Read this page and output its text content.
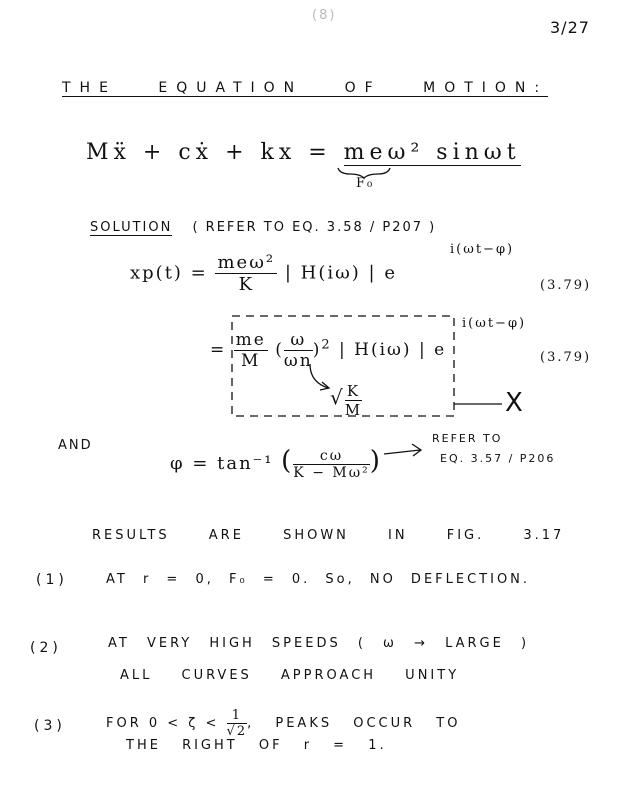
(8)
3/27
THE EQUATION OF MOTION:
Mẍ + cẋ + kx = meω² sinωt
F₀
SOLUTION ( REFER TO EQ. 3.58 / P207 )
$xp(t) = \frac{\text{meω²}}{K}$ | H(iω) | e
i(ωt−φ)
(3.79)
= $\frac{me}{M}$ ( $\frac{\omega}{\omega n} )^2$ | H(iω) | e
i(ωt−φ)
(3.79)
√ $\frac{K}{M}$	X
AND
φ = tan⁻¹ ( $\frac{c\omega}{\text{K − Mω²}}$ )
REFER TO
EQ. 3.57 / P206
RESULTS ARE SHOWN IN FIG. 3.17
(1)	AT r = 0, F₀ = 0. So, NO DEFLECTION.
(2)	AT VERY HIGH SPEEDS ( ω → LARGE )
ALL CURVES APPROACH UNITY
(3)	FOR $0 < \zeta < \frac{1}{√2}$ , PEAKS OCCUR TO
THE RIGHT OF r = 1.
